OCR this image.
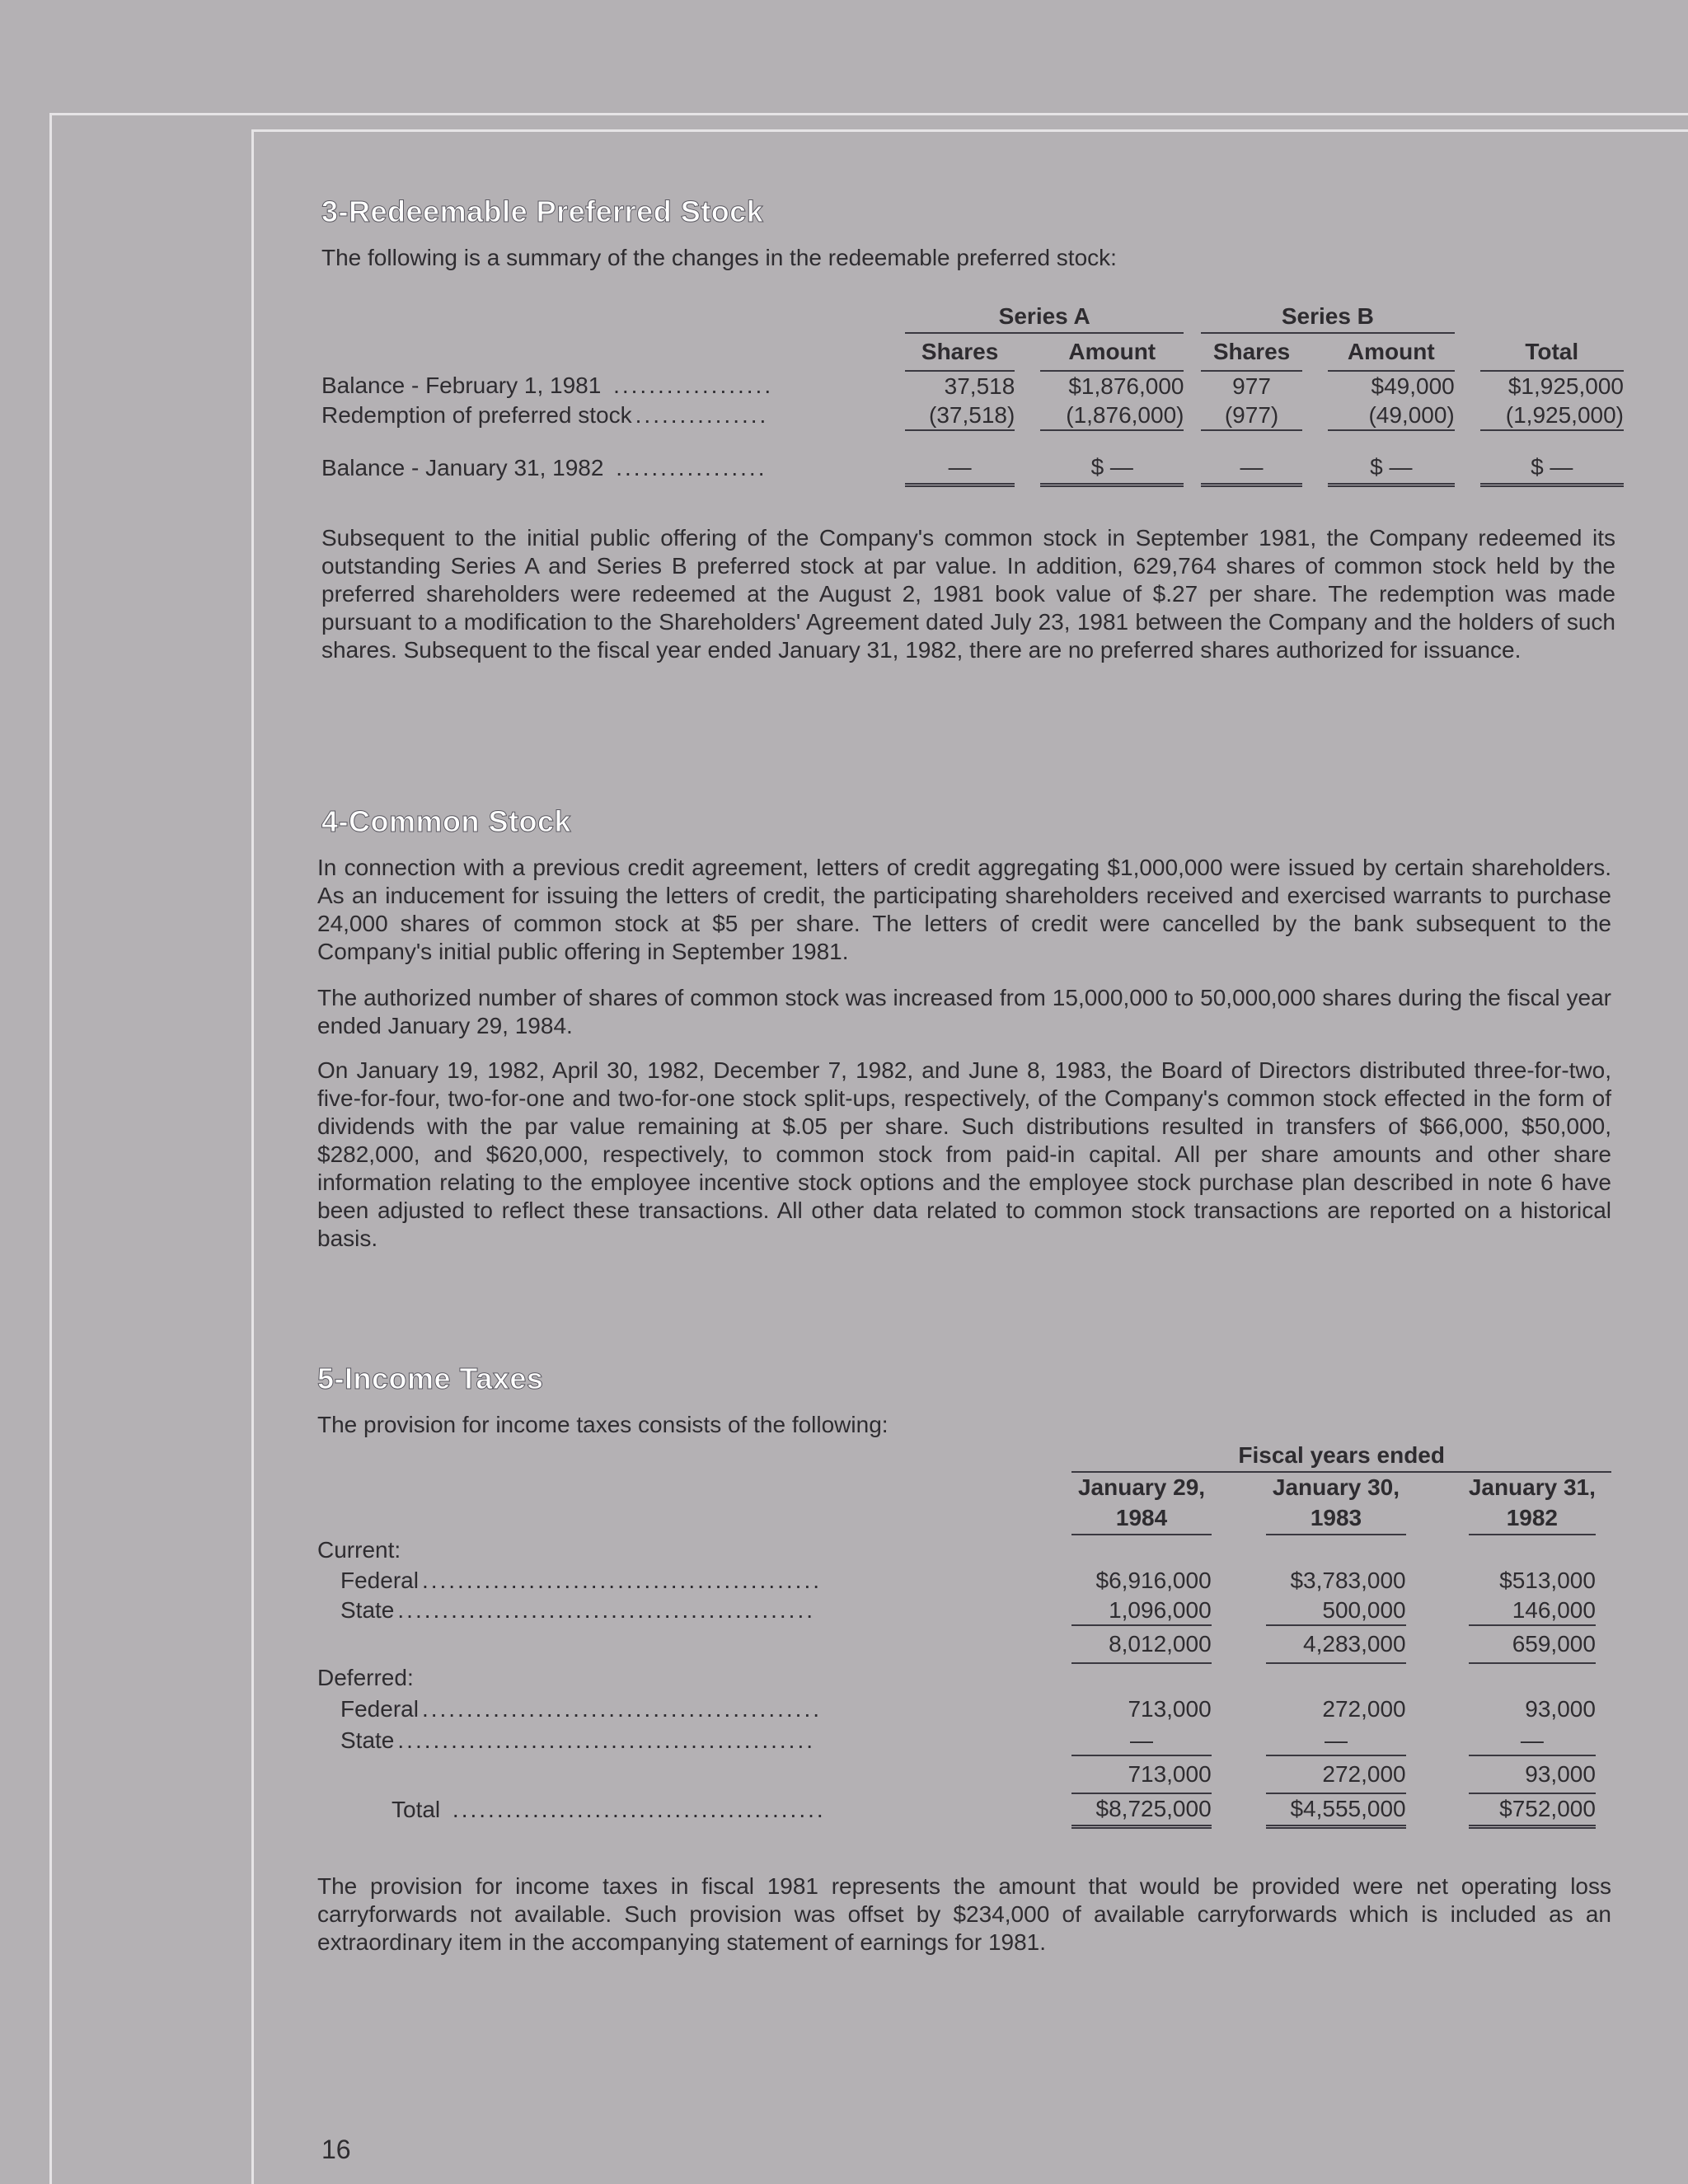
3-Redeemable Preferred Stock
The following is a summary of the changes in the redeemable preferred stock:
	Series A				Series B				
	Shares		Amount		Shares		Amount		Total
Balance - February 1, 1981 ..................	37,518		$1,876,000		977		$49,000		$1,925,000
Redemption of preferred stock ...............	(37,518)		(1,876,000)		(977)		(49,000)		(1,925,000)

Balance - January 31, 1982 .................	—		$ —		—		$ —		$ —
Subsequent to the initial public offering of the Company's common stock in September 1981, the Company redeemed its outstanding Series A and Series B preferred stock at par value. In addition, 629,764 shares of common stock held by the preferred shareholders were redeemed at the August 2, 1981 book value of $.27 per share. The redemption was made pursuant to a modification to the Shareholders' Agreement dated July 23, 1981 between the Company and the holders of such shares. Subsequent to the fiscal year ended January 31, 1982, there are no preferred shares authorized for issuance.
4-Common Stock
In connection with a previous credit agreement, letters of credit aggregating $1,000,000 were issued by certain shareholders. As an inducement for issuing the letters of credit, the participating shareholders received and exercised warrants to purchase 24,000 shares of common stock at $5 per share. The letters of credit were cancelled by the bank subsequent to the Company's initial public offering in September 1981.
The authorized number of shares of common stock was increased from 15,000,000 to 50,000,000 shares during the fiscal year ended January 29, 1984.
On January 19, 1982, April 30, 1982, December 7, 1982, and June 8, 1983, the Board of Directors distributed three-for-two, five-for-four, two-for-one and two-for-one stock split-ups, respectively, of the Company's common stock effected in the form of dividends with the par value remaining at $.05 per share. Such distributions resulted in transfers of $66,000, $50,000, $282,000, and $620,000, respectively, to common stock from paid-in capital. All per share amounts and other share information relating to the employee incentive stock options and the employee stock purchase plan described in note 6 have been adjusted to reflect these transactions. All other data related to common stock transactions are reported on a historical basis.
5-Income Taxes
The provision for income taxes consists of the following:
	Fiscal years ended					
	January 29,		January 30,		January 31,	
	1984		1983		1982	
Current:						
Federal .............................................	$6,916,000		$3,783,000		$513,000	
State ...............................................	1,096,000		500,000		146,000	
	8,012,000		4,283,000		659,000	
Deferred:						
Federal .............................................	713,000		272,000		93,000	
State ...............................................	—		—		—	
	713,000		272,000		93,000	
Total ..........................................	$8,725,000		$4,555,000		$752,000	
The provision for income taxes in fiscal 1981 represents the amount that would be provided were net operating loss carryforwards not available. Such provision was offset by $234,000 of available carryforwards which is included as an extraordinary item in the accompanying statement of earnings for 1981.
16
